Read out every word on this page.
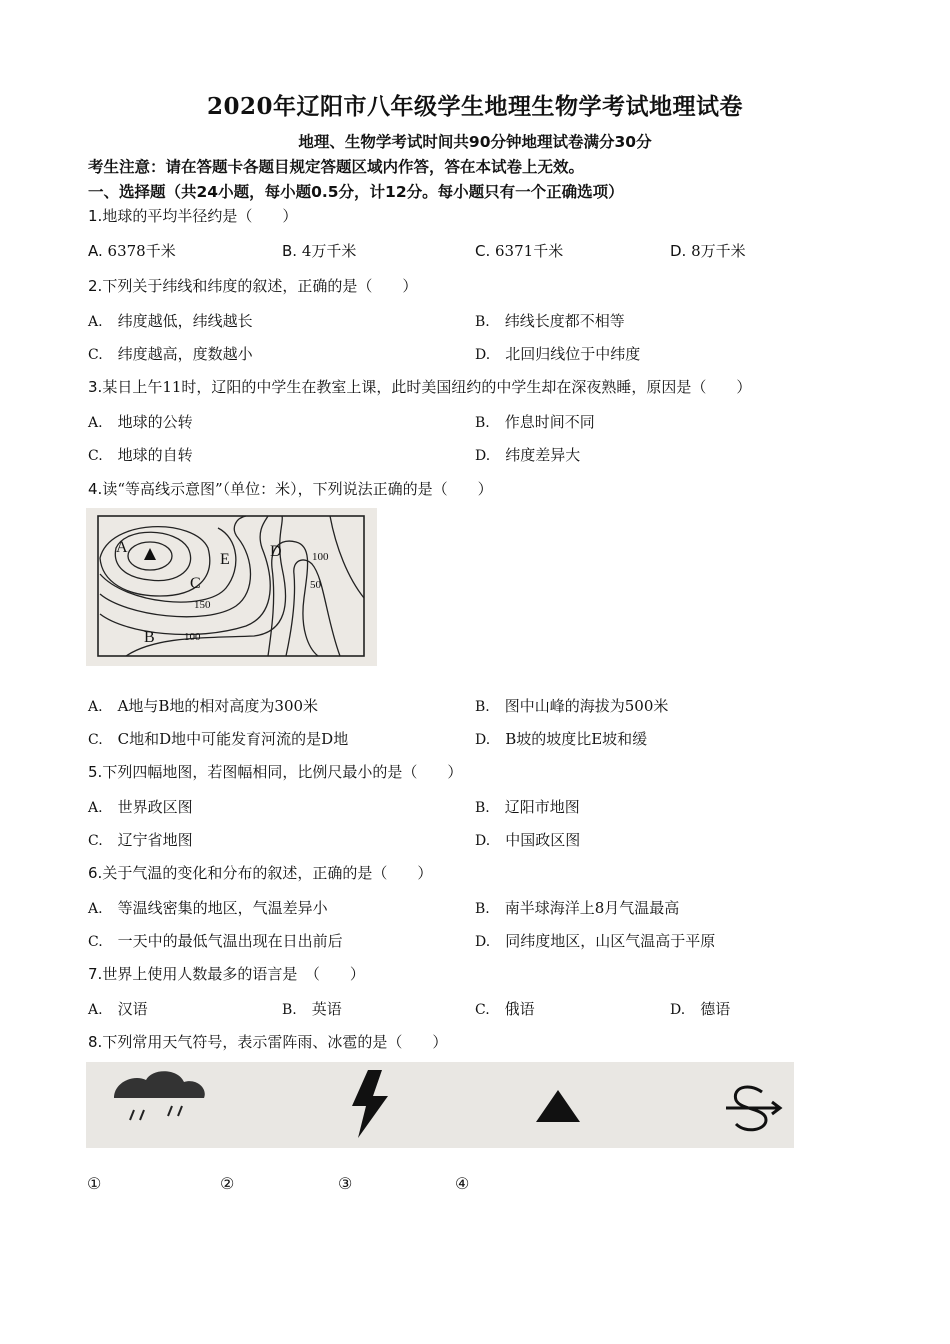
2020年辽阳市八年级学生地理生物学考试地理试卷
地理、生物学考试时间共90分钟地理试卷满分30分
考生注意：请在答题卡各题目规定答题区域内作答，答在本试卷上无效。
一、选择题（共24小题，每小题0.5分，计12分。每小题只有一个正确选项）
1.地球的平均半径约是（　　）
A. 6378千米	B. 4万千米	C. 6371千米	D. 8万千米
2.下列关于纬线和纬度的叙述，正确的是（　　）
A.　纬度越低，纬线越长	B.　纬线长度都不相等
C.　纬度越高，度数越小	D.　北回归线位于中纬度
3.某日上午11时，辽阳的中学生在教室上课，此时美国纽约的中学生却在深夜熟睡，原因是（　　）
A.　地球的公转	B.　作息时间不同
C.　地球的自转	D.　纬度差异大
4.读“等高线示意图”（单位：米），下列说法正确的是（　　）
A
E	D	100
50
C
150
B	100
A.　A地与B地的相对高度为300米	B.　图中山峰的海拔为500米
C.　C地和D地中可能发育河流的是D地	D.　B坡的坡度比E坡和缓
5.下列四幅地图，若图幅相同，比例尺最小的是（　　）
A.　世界政区图	B.　辽阳市地图
C.　辽宁省地图	D.　中国政区图
6.关于气温的变化和分布的叙述，正确的是（　　）
A.　等温线密集的地区，气温差异小	B.　南半球海洋上8月气温最高
C.　一天中的最低气温出现在日出前后	D.　同纬度地区，山区气温高于平原
7.世界上使用人数最多的语言是　（　　）
A.　汉语	B.　英语	C.　俄语	D.　德语
8.下列常用天气符号，表示雷阵雨、冰雹的是（　　）
①	②	③	④
